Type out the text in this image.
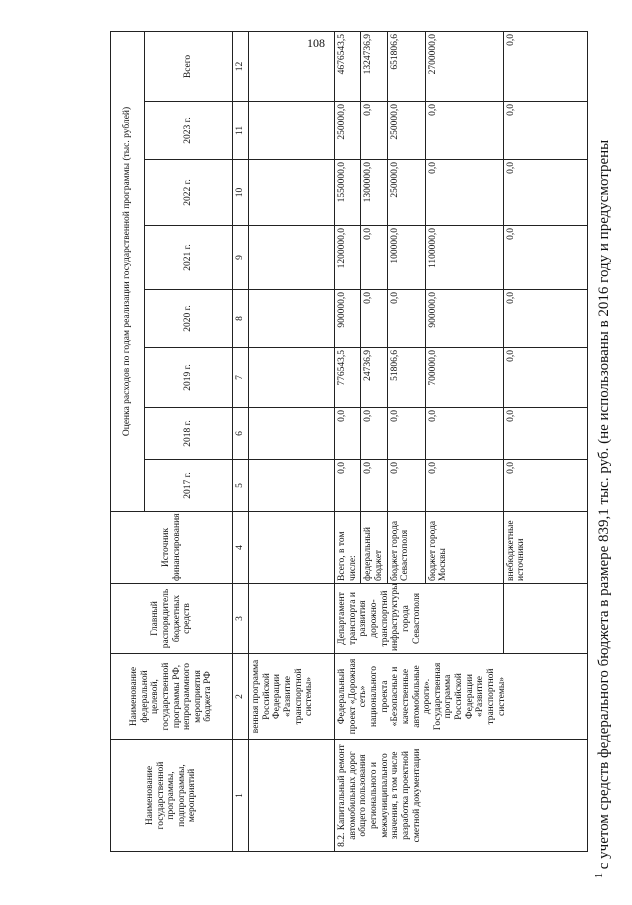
108
Наименование государственной программы, подпрограммы, мероприятий	Наименование федеральной целевой, государственной программы РФ, непрограммного мероприятия бюджета РФ	Главный распорядитель бюджетных средств	Источник финансирования	Оценка расходов по годам реализации государственной программы (тыс. рублей)							
				2017 г.	2018 г.	2019 г.	2020 г.	2021 г.	2022 г.	2023 г.	Всего
1	2	3	4	5	6	7	8	9	10	11	12
	венная программа Российской Федерации «Развитие транспортной системы»										
8.2. Капитальный ремонт автомобильных дорог общего пользования регионального и межмуниципального значения, в том числе разработка проектной сметной документации	Федеральный проект «Дорожная сеть» национального проекта «Безопасные и качественные автомобильные дороги». Государственная программа Российской Федерации «Развитие транспортной системы»	Департамент транспорта и развития дорожно-транспортной инфраструктуры города Севастополя	Всего, в том числе:	0,0	0,0	776543,5	900000,0	1200000,0	1550000,0	250000,0	4676543,5
			федеральный бюджет	0,0	0,0	24736,9	0,0	0,0	1300000,0	0,0	1324736,9
			бюджет города Севастополя	0,0	0,0	51806,6	0,0	100000,0	250000,0	250000,0	651806,6
			бюджет города Москвы	0,0	0,0	700000,0	900000,0	1100000,0	0,0	0,0	2700000,0
			внебюджетные источники	0,0	0,0	0,0	0,0	0,0	0,0	0,0	0,0
$^1$ с учетом средств федерального бюджета в размере 839,1 тыс. руб. (не использованы в 2016 году и предусмотрены
